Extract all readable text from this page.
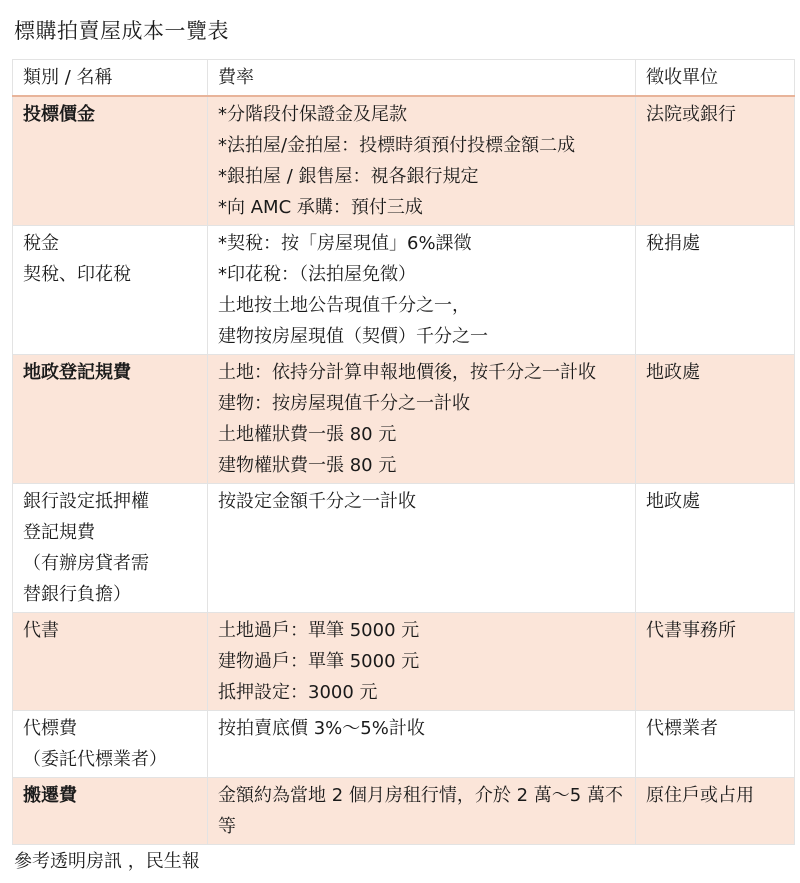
標購拍賣屋成本一覽表
類別 / 名稱	費率	徵收單位

投標價金	*分階段付保證金及尾款
*法拍屋/金拍屋：投標時須預付投標金額二成
*銀拍屋 / 銀售屋：視各銀行規定
*向 AMC 承購：預付三成	法院或銀行

稅金
契稅、印花稅	*契稅：按「房屋現值」6%課徵
*印花稅：（法拍屋免徵）
土地按土地公告現值千分之一，
建物按房屋現值（契價）千分之一	稅捐處

地政登記規費	土地：依持分計算申報地價後，按千分之一計收
建物：按房屋現值千分之一計收
土地權狀費一張 80 元
建物權狀費一張 80 元	地政處

銀行設定抵押權
登記規費
（有辦房貸者需
替銀行負擔）	按設定金額千分之一計收	地政處

代書	土地過戶：單筆 5000 元
建物過戶：單筆 5000 元
抵押設定：3000 元	代書事務所

代標費
（委託代標業者）	按拍賣底價 3%～5%計收	代標業者

搬遷費	金額約為當地 2 個月房租行情，介於 2 萬～5 萬不等	原住戶或占用
參考透明房訊 ，民生報
